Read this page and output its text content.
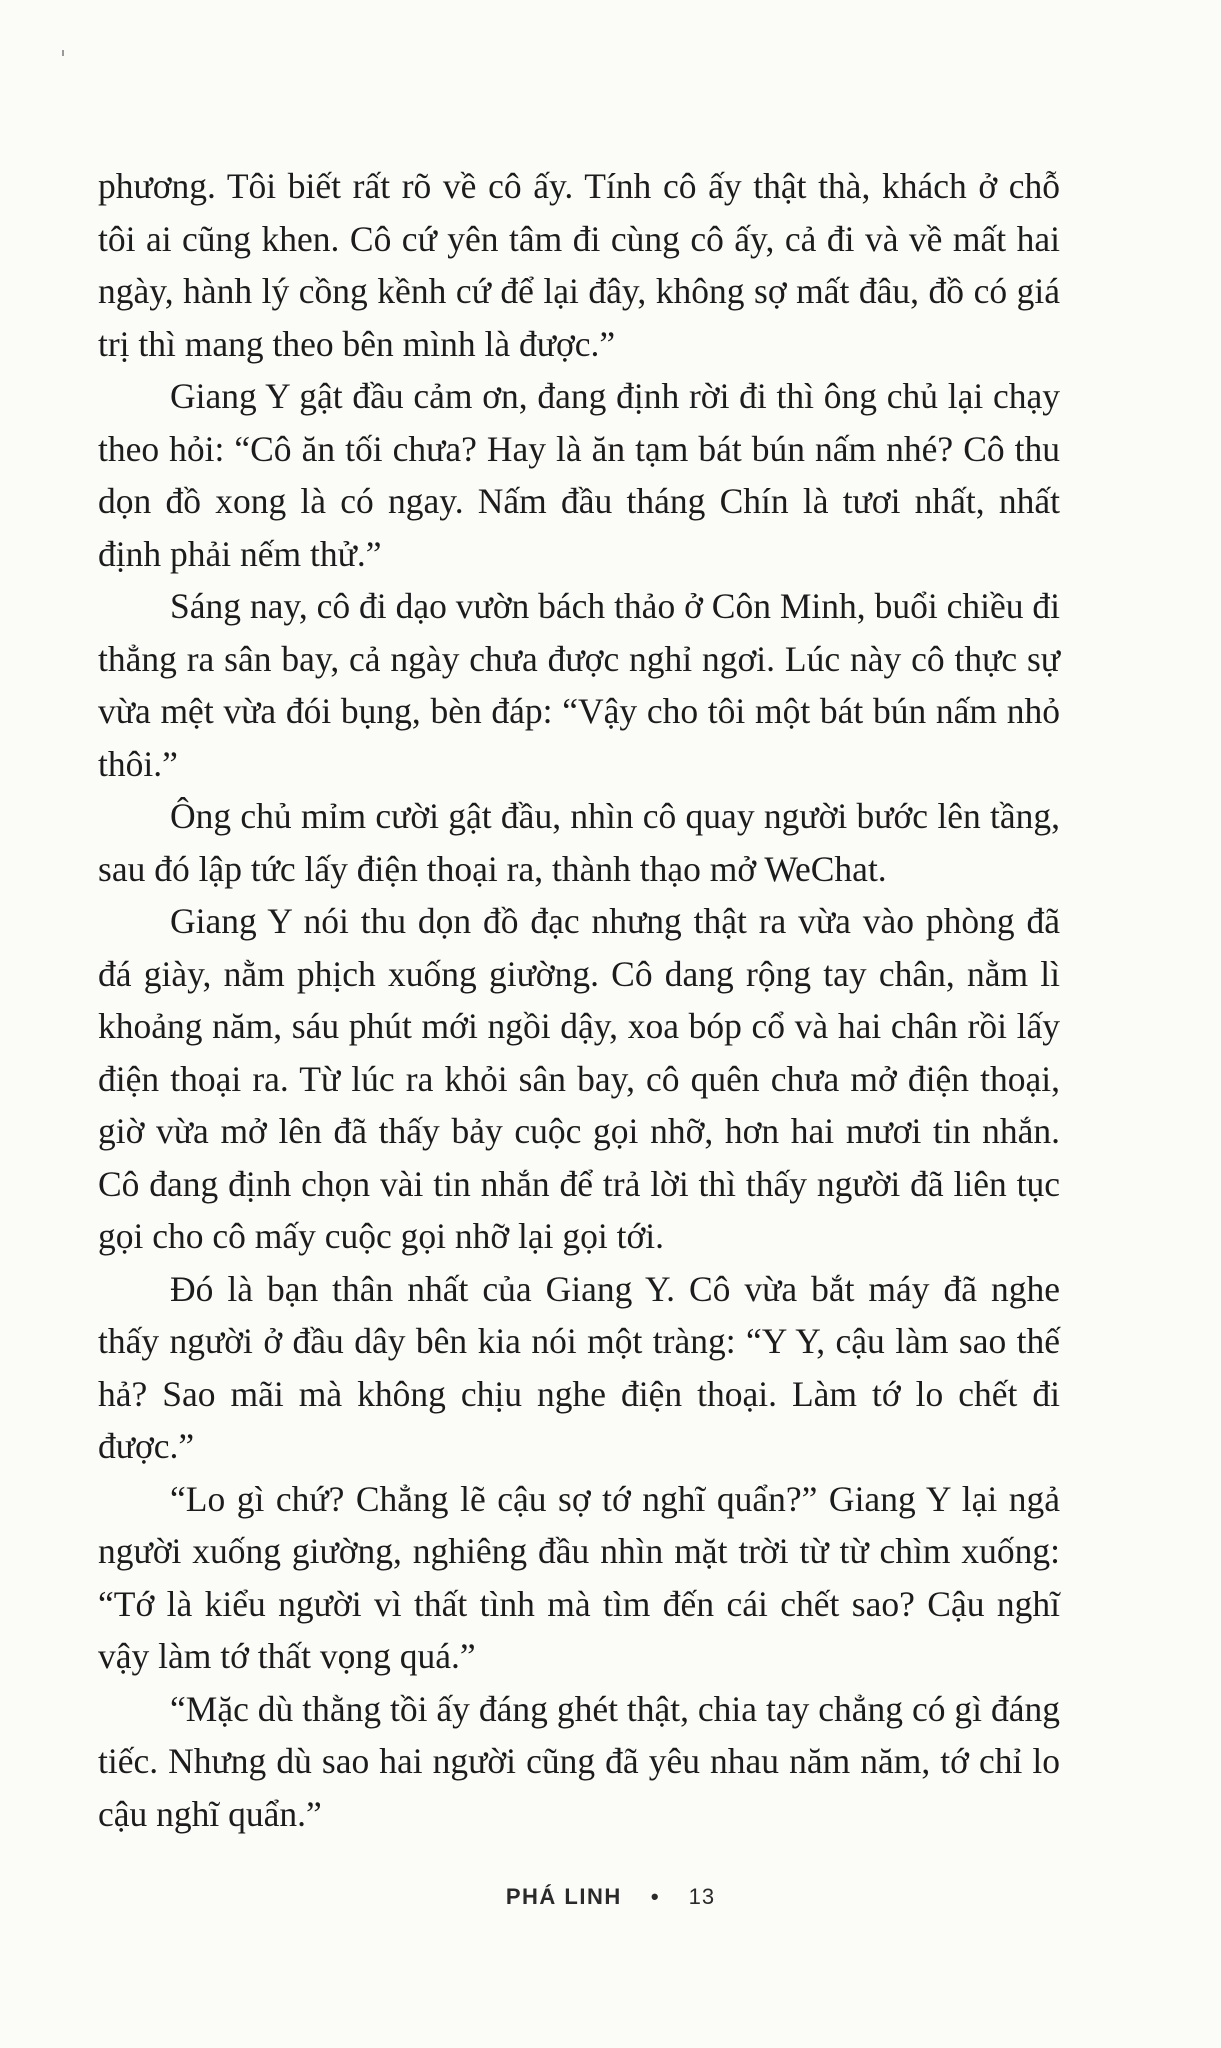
phương. Tôi biết rất rõ về cô ấy. Tính cô ấy thật thà, khách ở chỗ tôi ai cũng khen. Cô cứ yên tâm đi cùng cô ấy, cả đi và về mất hai ngày, hành lý cồng kềnh cứ để lại đây, không sợ mất đâu, đồ có giá trị thì mang theo bên mình là được.”

Giang Y gật đầu cảm ơn, đang định rời đi thì ông chủ lại chạy theo hỏi: “Cô ăn tối chưa? Hay là ăn tạm bát bún nấm nhé? Cô thu dọn đồ xong là có ngay. Nấm đầu tháng Chín là tươi nhất, nhất định phải nếm thử.”

Sáng nay, cô đi dạo vườn bách thảo ở Côn Minh, buổi chiều đi thẳng ra sân bay, cả ngày chưa được nghỉ ngơi. Lúc này cô thực sự vừa mệt vừa đói bụng, bèn đáp: “Vậy cho tôi một bát bún nấm nhỏ thôi.”

Ông chủ mỉm cười gật đầu, nhìn cô quay người bước lên tầng, sau đó lập tức lấy điện thoại ra, thành thạo mở WeChat.

Giang Y nói thu dọn đồ đạc nhưng thật ra vừa vào phòng đã đá giày, nằm phịch xuống giường. Cô dang rộng tay chân, nằm lì khoảng năm, sáu phút mới ngồi dậy, xoa bóp cổ và hai chân rồi lấy điện thoại ra. Từ lúc ra khỏi sân bay, cô quên chưa mở điện thoại, giờ vừa mở lên đã thấy bảy cuộc gọi nhỡ, hơn hai mươi tin nhắn. Cô đang định chọn vài tin nhắn để trả lời thì thấy người đã liên tục gọi cho cô mấy cuộc gọi nhỡ lại gọi tới.

Đó là bạn thân nhất của Giang Y. Cô vừa bắt máy đã nghe thấy người ở đầu dây bên kia nói một tràng: “Y Y, cậu làm sao thế hả? Sao mãi mà không chịu nghe điện thoại. Làm tớ lo chết đi được.”

“Lo gì chứ? Chẳng lẽ cậu sợ tớ nghĩ quẩn?” Giang Y lại ngả người xuống giường, nghiêng đầu nhìn mặt trời từ từ chìm xuống: “Tớ là kiểu người vì thất tình mà tìm đến cái chết sao? Cậu nghĩ vậy làm tớ thất vọng quá.”

“Mặc dù thằng tồi ấy đáng ghét thật, chia tay chẳng có gì đáng tiếc. Nhưng dù sao hai người cũng đã yêu nhau năm năm, tớ chỉ lo cậu nghĩ quẩn.”

PHÁ LINH • 13
